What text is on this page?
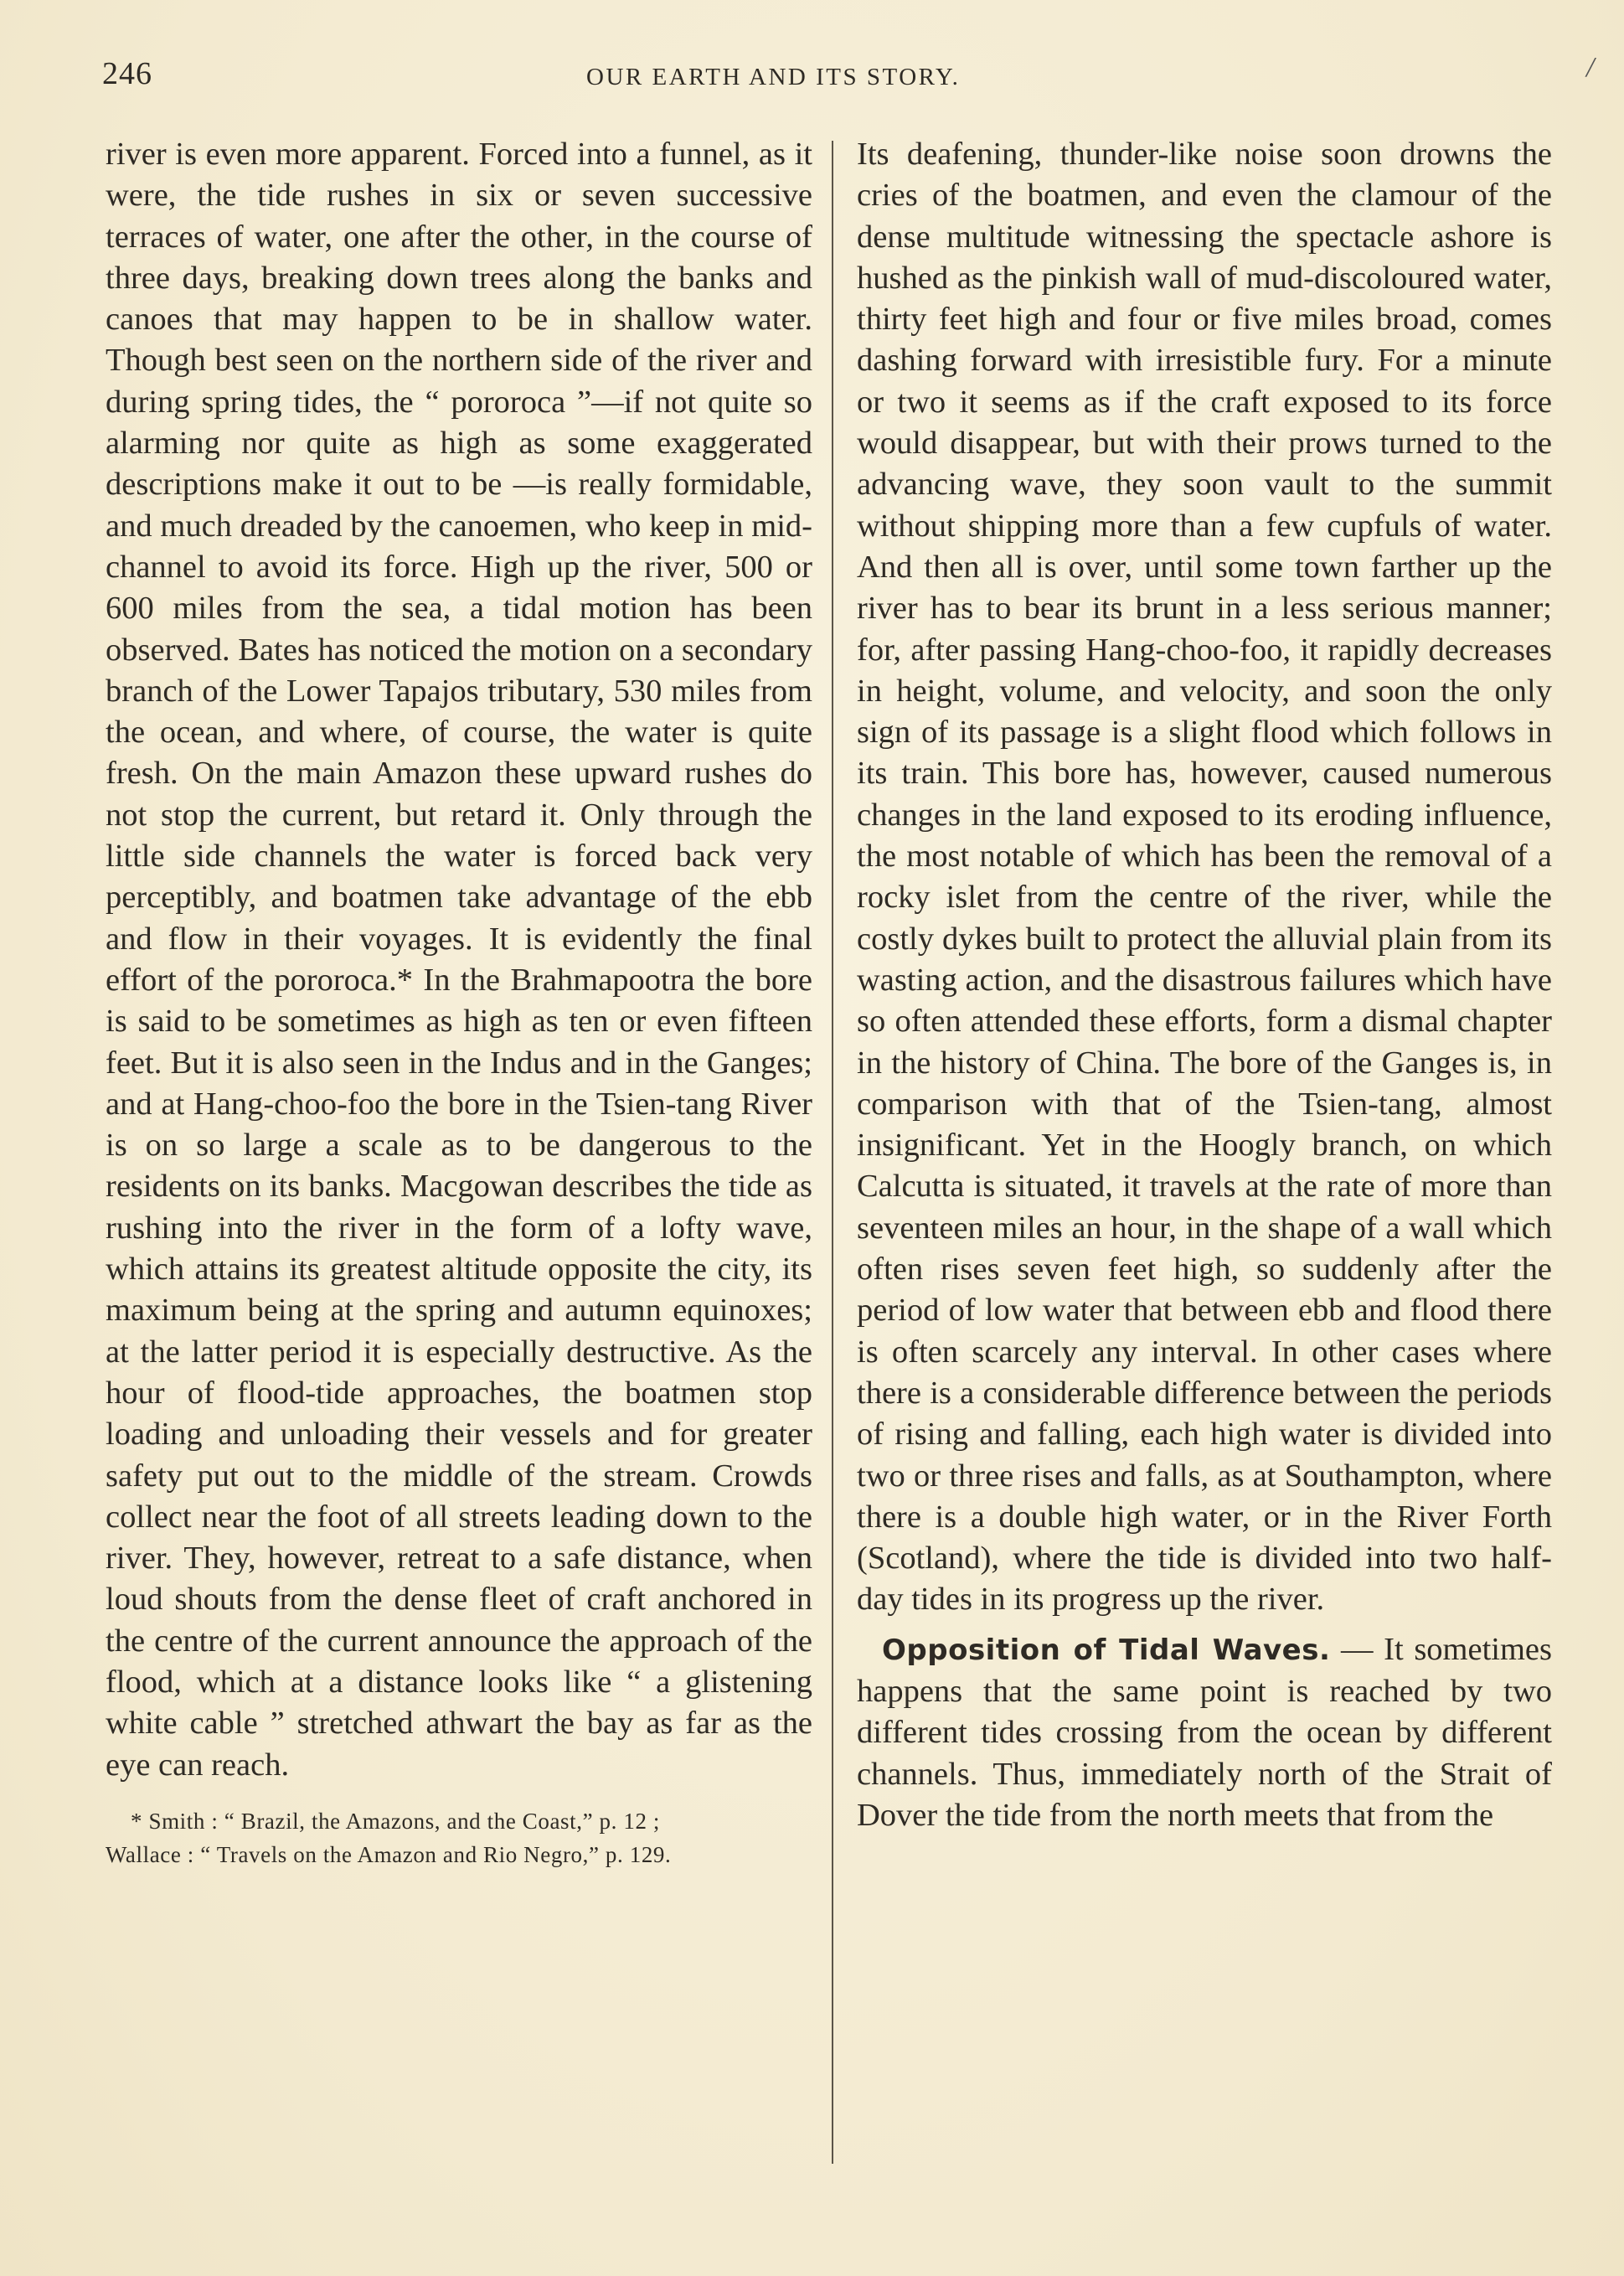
246	OUR EARTH AND ITS STORY.	/

river is even more apparent. Forced into a funnel, as it were, the tide rushes in six or seven successive terraces of water, one after the other, in the course of three days, breaking down trees along the banks and canoes that may happen to be in shallow water. Though best seen on the northern side of the river and during spring tides, the “ pororoca ”—if not quite so alarming nor quite as high as some exaggerated descriptions make it out to be —is really formidable, and much dreaded by the canoemen, who keep in mid-channel to avoid its force. High up the river, 500 or 600 miles from the sea, a tidal motion has been observed. Bates has noticed the motion on a secondary branch of the Lower Tapajos tributary, 530 miles from the ocean, and where, of course, the water is quite fresh. On the main Amazon these upward rushes do not stop the current, but retard it. Only through the little side channels the water is forced back very perceptibly, and boatmen take advantage of the ebb and flow in their voyages. It is evidently the final effort of the pororoca.* In the Brahmapootra the bore is said to be sometimes as high as ten or even fifteen feet. But it is also seen in the Indus and in the Ganges; and at Hang-choo-foo the bore in the Tsien-tang River is on so large a scale as to be dangerous to the residents on its banks. Macgowan describes the tide as rushing into the river in the form of a lofty wave, which attains its greatest altitude opposite the city, its maximum being at the spring and autumn equinoxes; at the latter period it is especially destructive. As the hour of flood-tide approaches, the boatmen stop loading and unloading their vessels and for greater safety put out to the middle of the stream. Crowds collect near the foot of all streets leading down to the river. They, however, retreat to a safe distance, when loud shouts from the dense fleet of craft anchored in the centre of the current announce the approach of the flood, which at a distance looks like “ a glistening white cable ” stretched athwart the bay as far as the eye can reach.

* Smith : “ Brazil, the Amazons, and the Coast,” p. 12 ;
Wallace : “ Travels on the Amazon and Rio Negro,” p. 129.

Its deafening, thunder-like noise soon drowns the cries of the boatmen, and even the clamour of the dense multitude witnessing the spectacle ashore is hushed as the pinkish wall of mud-discoloured water, thirty feet high and four or five miles broad, comes dashing forward with irresistible fury. For a minute or two it seems as if the craft exposed to its force would disappear, but with their prows turned to the advancing wave, they soon vault to the summit without shipping more than a few cupfuls of water. And then all is over, until some town farther up the river has to bear its brunt in a less serious manner; for, after passing Hang-choo-foo, it rapidly decreases in height, volume, and velocity, and soon the only sign of its passage is a slight flood which follows in its train. This bore has, however, caused numerous changes in the land exposed to its eroding influence, the most notable of which has been the removal of a rocky islet from the centre of the river, while the costly dykes built to protect the alluvial plain from its wasting action, and the disastrous failures which have so often attended these efforts, form a dismal chapter in the history of China. The bore of the Ganges is, in comparison with that of the Tsien-tang, almost insignificant. Yet in the Hoogly branch, on which Calcutta is situated, it travels at the rate of more than seventeen miles an hour, in the shape of a wall which often rises seven feet high, so suddenly after the period of low water that between ebb and flood there is often scarcely any interval. In other cases where there is a considerable difference between the periods of rising and falling, each high water is divided into two or three rises and falls, as at Southampton, where there is a double high water, or in the River Forth (Scotland), where the tide is divided into two half-day tides in its progress up the river.

Opposition of Tidal Waves. — It sometimes happens that the same point is reached by two different tides crossing from the ocean by different channels. Thus, immediately north of the Strait of Dover the tide from the north meets that from the
